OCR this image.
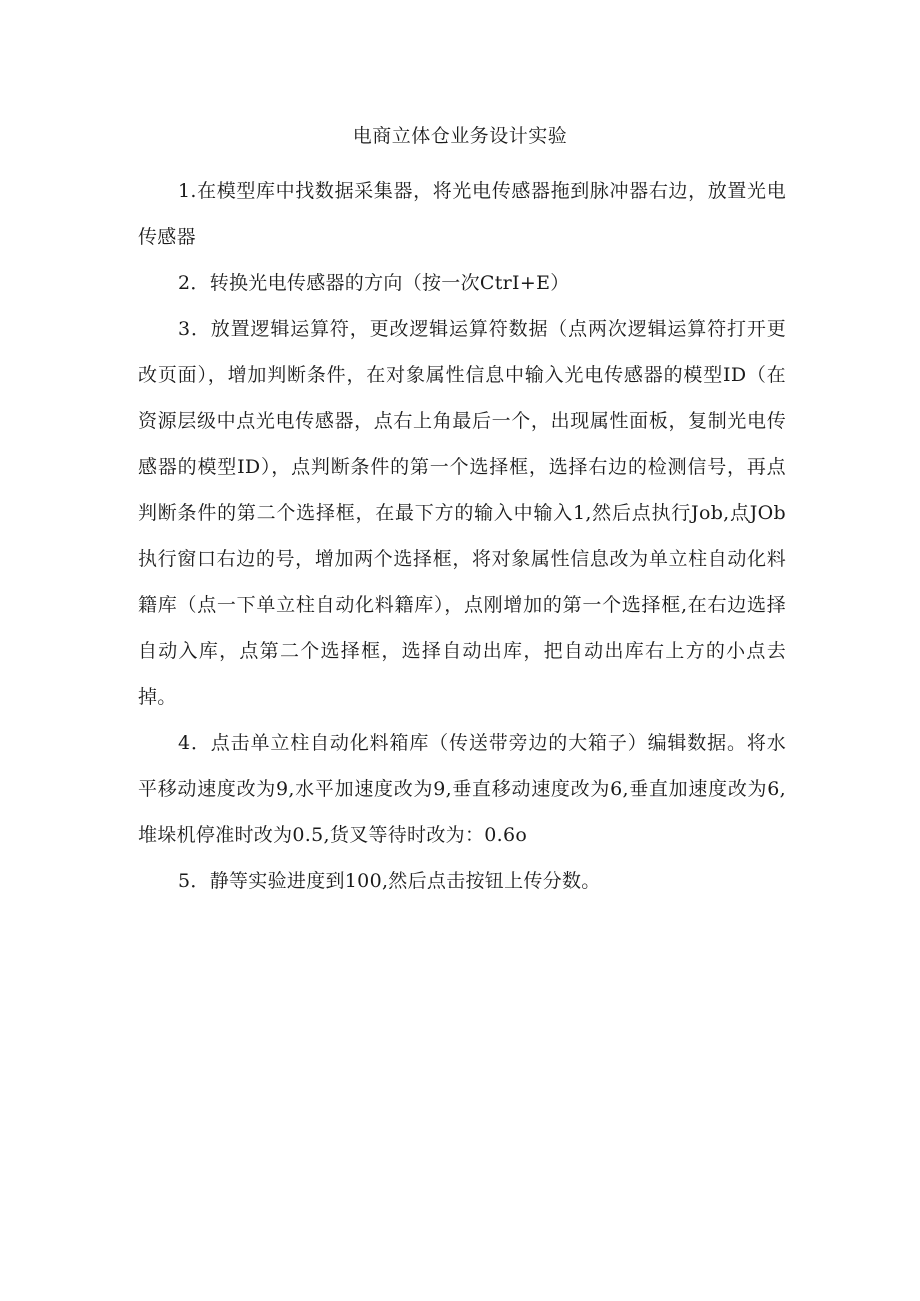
电商立体仓业务设计实验

1.在模型库中找数据采集器，将光电传感器拖到脉冲器右边，放置光电传感器

2．转换光电传感器的方向（按一次CtrI+E）

3．放置逻辑运算符，更改逻辑运算符数据（点两次逻辑运算符打开更改页面），增加判断条件，在对象属性信息中输入光电传感器的模型ID（在资源层级中点光电传感器，点右上角最后一个，出现属性面板，复制光电传感器的模型ID），点判断条件的第一个选择框，选择右边的检测信号，再点判断条件的第二个选择框，在最下方的输入中输入1,然后点执行Job,点JOb执行窗口右边的号，增加两个选择框，将对象属性信息改为单立柱自动化料籍库（点一下单立柱自动化料籍库），点刚增加的第一个选择框,在右边选择自动入库，点第二个选择框，选择自动出库，把自动出库右上方的小点去掉。

4．点击单立柱自动化料箱库（传送带旁边的大箱子）编辑数据。将水平移动速度改为9,水平加速度改为9,垂直移动速度改为6,垂直加速度改为6,堆垛机停准时改为0.5,货叉等待时改为：0.6o

5．静等实验进度到100,然后点击按钮上传分数。
